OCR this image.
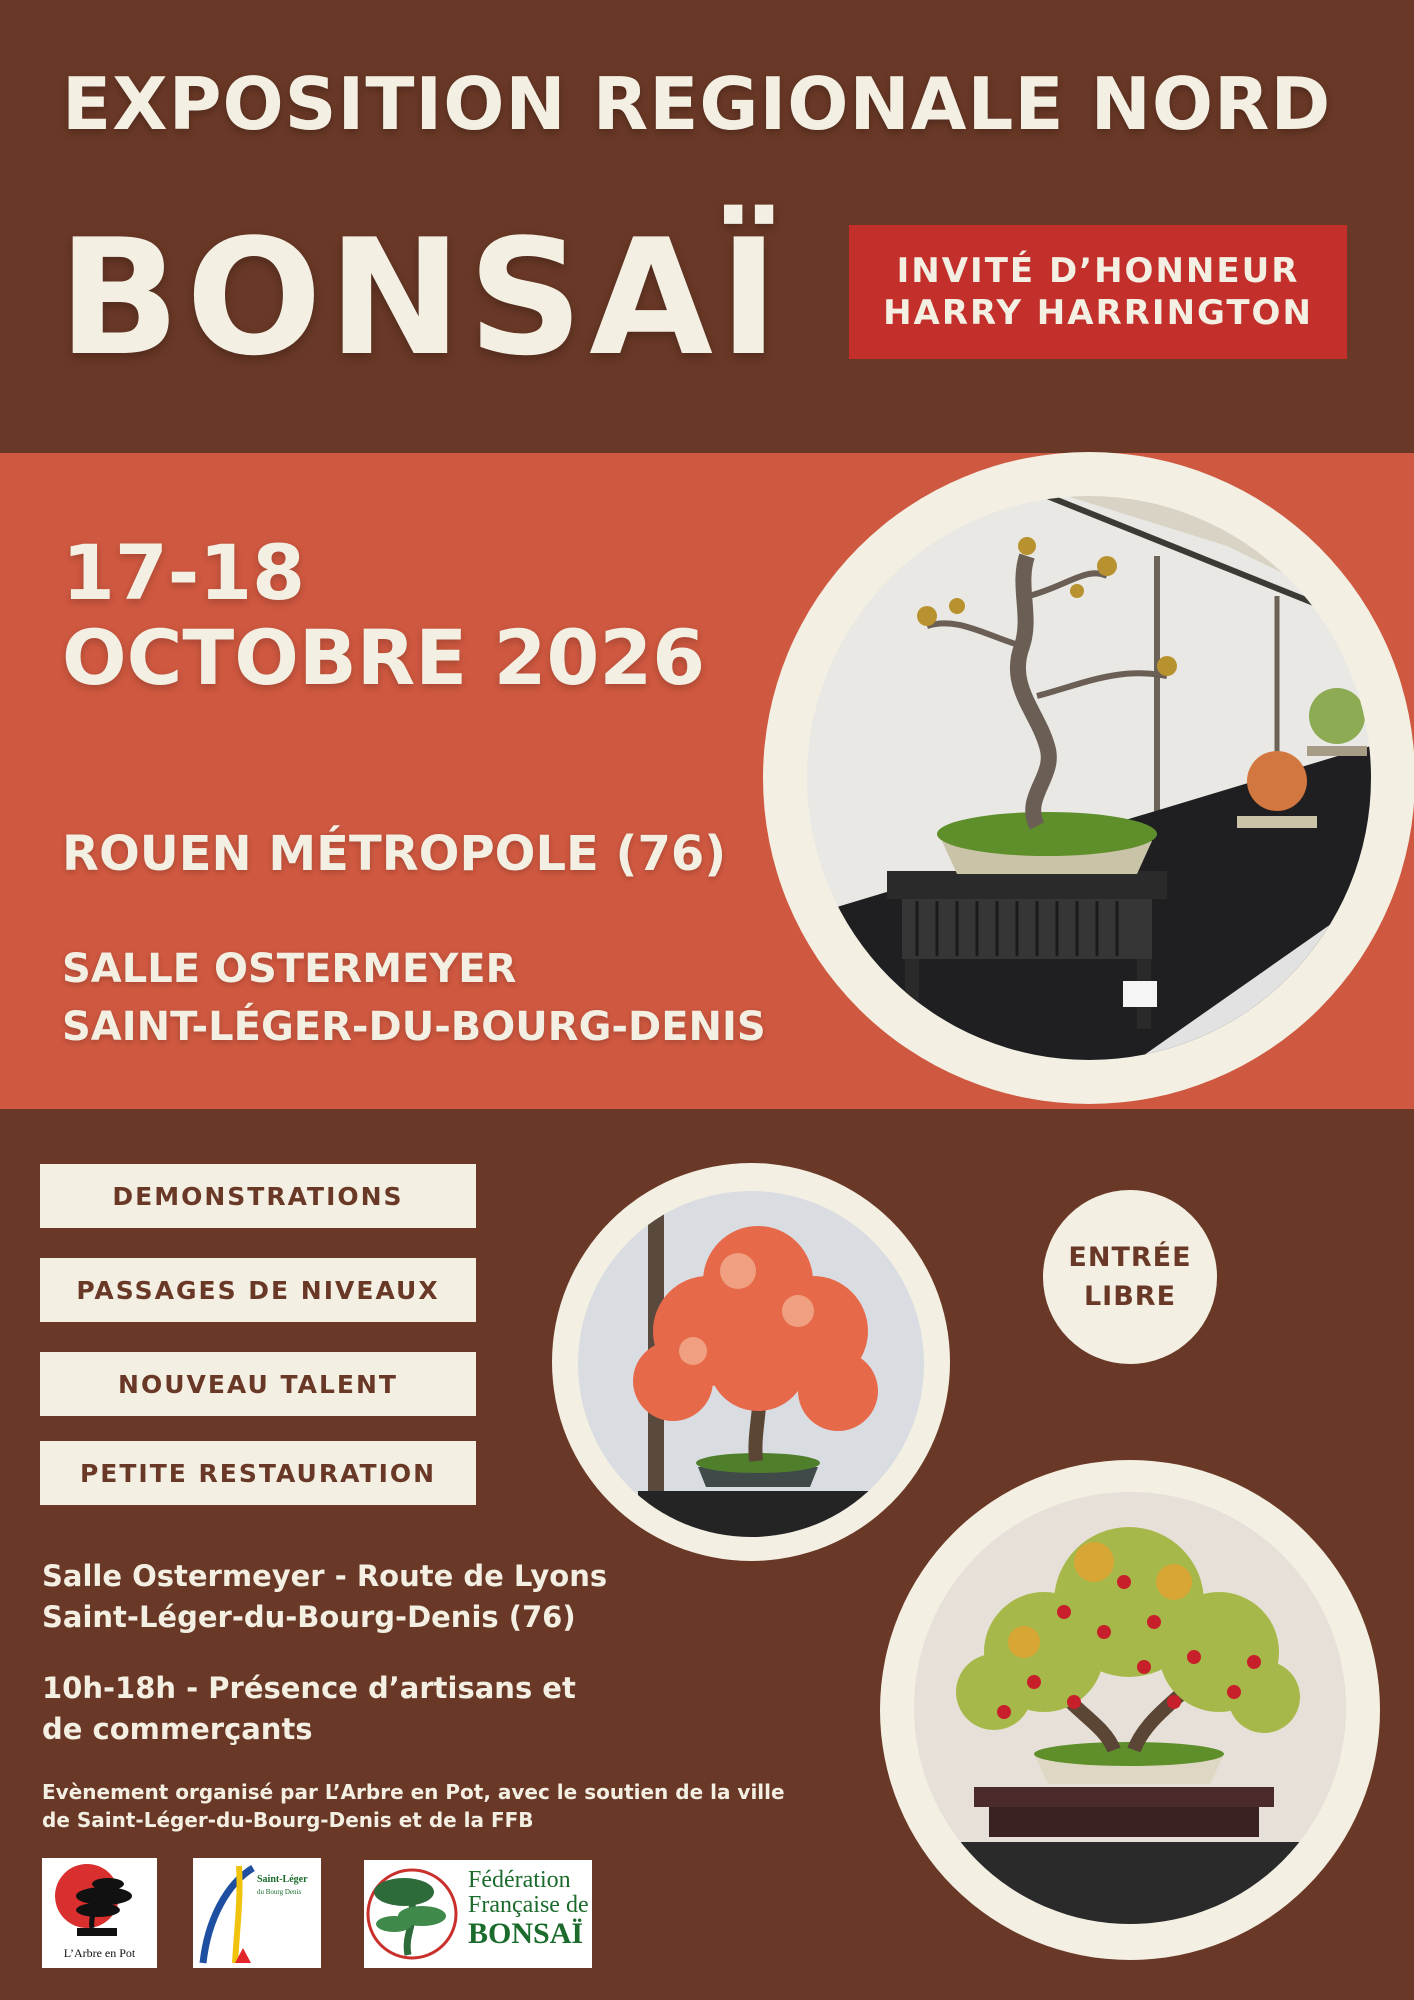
EXPOSITION REGIONALE NORD
BONSAÏ	INVITÉ D’HONNEUR
HARRY HARRINGTON
17-18
OCTOBRE 2026
ROUEN MÉTROPOLE (76)
SALLE OSTERMEYER
SAINT-LÉGER-DU-BOURG-DENIS
DEMONSTRATIONS
PASSAGES DE NIVEAUX
NOUVEAU TALENT
PETITE RESTAURATION
ENTRÉE
LIBRE
Salle Ostermeyer - Route de Lyons
Saint-Léger-du-Bourg-Denis (76)
10h-18h - Présence d’artisans et
de commerçants
Evènement organisé par L’Arbre en Pot, avec le soutien de la ville
de Saint-Léger-du-Bourg-Denis et de la FFB
L’Arbre en Pot
Saint-Léger
du Bourg Denis	Fédération
Française de
BONSAÏ
